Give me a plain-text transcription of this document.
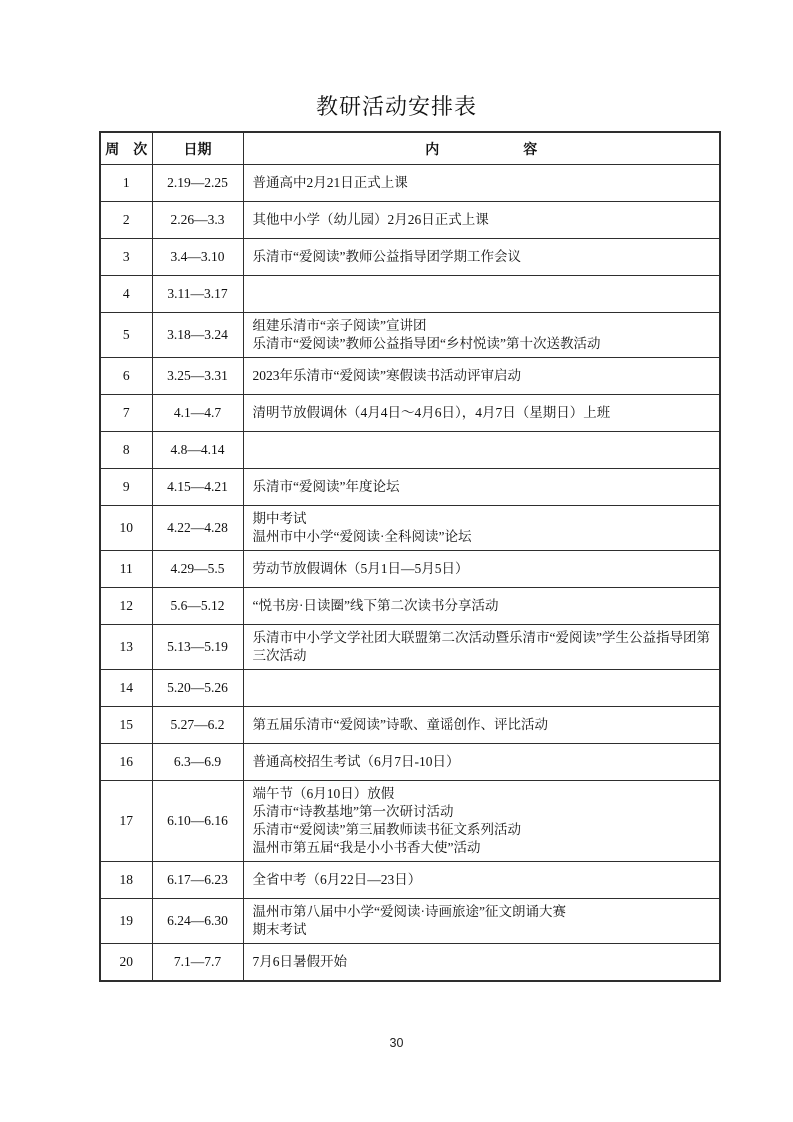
教研活动安排表
周　次	日期	内　　　　　　容
1	2.19—2.25	普通高中2月21日正式上课

2	2.26—3.3	其他中小学（幼儿园）2月26日正式上课

3	3.4—3.10	乐清市“爱阅读”教师公益指导团学期工作会议

4	3.11—3.17	
5	3.18—3.24	组建乐清市“亲子阅读”宣讲团
乐清市“爱阅读”教师公益指导团“乡村悦读”第十次送教活动

6	3.25—3.31	2023年乐清市“爱阅读”寒假读书活动评审启动

7	4.1—4.7	清明节放假调休（4月4日～4月6日），4月7日（星期日）上班

8	4.8—4.14	
9	4.15—4.21	乐清市“爱阅读”年度论坛

10	4.22—4.28	期中考试
温州市中小学“爱阅读·全科阅读”论坛

11	4.29—5.5	劳动节放假调休（5月1日—5月5日）

12	5.6—5.12	“悦书房·日读圈”线下第二次读书分享活动

13	5.13—5.19	乐清市中小学文学社团大联盟第二次活动暨乐清市“爱阅读”学生公益指导团第三次活动

14	5.20—5.26	
15	5.27—6.2	第五届乐清市“爱阅读”诗歌、童谣创作、评比活动

16	6.3—6.9	普通高校招生考试（6月7日-10日）

17	6.10—6.16	端午节（6月10日）放假
乐清市“诗教基地”第一次研讨活动
乐清市“爱阅读”第三届教师读书征文系列活动
温州市第五届“我是小小书香大使”活动

18	6.17—6.23	全省中考（6月22日—23日）

19	6.24—6.30	温州市第八届中小学“爱阅读·诗画旅途”征文朗诵大赛
期末考试

20	7.1—7.7	7月6日暑假开始
30
